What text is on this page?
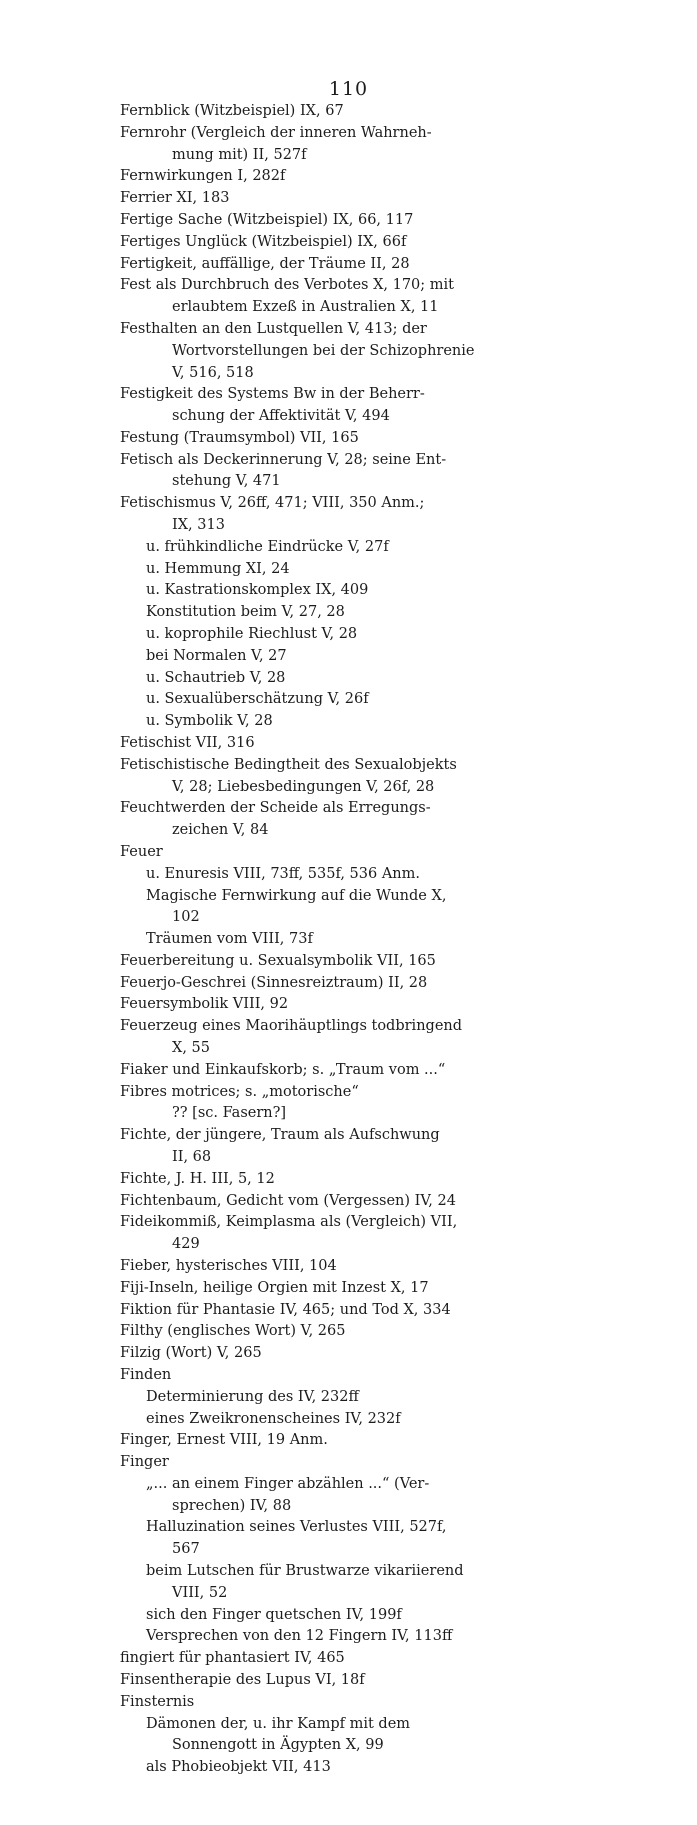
110
Fernblick (Witzbeispiel) IX, 67
Fernrohr (Vergleich der inneren Wahrneh-
mung mit) II, 527f
Fernwirkungen I, 282f
Ferrier XI, 183
Fertige Sache (Witzbeispiel) IX, 66, 117
Fertiges Unglück (Witzbeispiel) IX, 66f
Fertigkeit, auffällige, der Träume II, 28
Fest als Durchbruch des Verbotes X, 170; mit
erlaubtem Exzeß in Australien X, 11
Festhalten an den Lustquellen V, 413; der
Wortvorstellungen bei der Schizophrenie
V, 516, 518
Festigkeit des Systems Bw in der Beherr-
schung der Affektivität V, 494
Festung (Traumsymbol) VII, 165
Fetisch als Deckerinnerung V, 28; seine Ent-
stehung V, 471
Fetischismus V, 26ff, 471; VIII, 350 Anm.;
IX, 313
u. frühkindliche Eindrücke V, 27f
u. Hemmung XI, 24
u. Kastrationskomplex IX, 409
Konstitution beim V, 27, 28
u. koprophile Riechlust V, 28
bei Normalen V, 27
u. Schautrieb V, 28
u. Sexualüberschätzung V, 26f
u. Symbolik V, 28
Fetischist VII, 316
Fetischistische Bedingtheit des Sexualobjekts
V, 28; Liebesbedingungen V, 26f, 28
Feuchtwerden der Scheide als Erregungs-
zeichen V, 84
Feuer
u. Enuresis VIII, 73ff, 535f, 536 Anm.
Magische Fernwirkung auf die Wunde X,
102
Träumen vom VIII, 73f
Feuerbereitung u. Sexualsymbolik VII, 165
Feuerjo-Geschrei (Sinnesreiztraum) II, 28
Feuersymbolik VIII, 92
Feuerzeug eines Maorihäuptlings todbringend
X, 55
Fiaker und Einkaufskorb; s. „Traum vom ...“
Fibres motrices; s. „motorische“
?? [sc. Fasern?]
Fichte, der jüngere, Traum als Aufschwung
II, 68
Fichte, J. H. III, 5, 12
Fichtenbaum, Gedicht vom (Vergessen) IV, 24
Fideikommiß, Keimplasma als (Vergleich) VII,
429
Fieber, hysterisches VIII, 104
Fiji-Inseln, heilige Orgien mit Inzest X, 17
Fiktion für Phantasie IV, 465; und Tod X, 334
Filthy (englisches Wort) V, 265
Filzig (Wort) V, 265
Finden
Determinierung des IV, 232ff
eines Zweikronenscheines IV, 232f
Finger, Ernest VIII, 19 Anm.
Finger
„... an einem Finger abzählen ...“ (Ver-
sprechen) IV, 88
Halluzination seines Verlustes VIII, 527f,
567
beim Lutschen für Brustwarze vikariierend
VIII, 52
sich den Finger quetschen IV, 199f
Versprechen von den 12 Fingern IV, 113ff
fingiert für phantasiert IV, 465
Finsentherapie des Lupus VI, 18f
Finsternis
Dämonen der, u. ihr Kampf mit dem
Sonnengott in Ägypten X, 99
als Phobieobjekt VII, 413
